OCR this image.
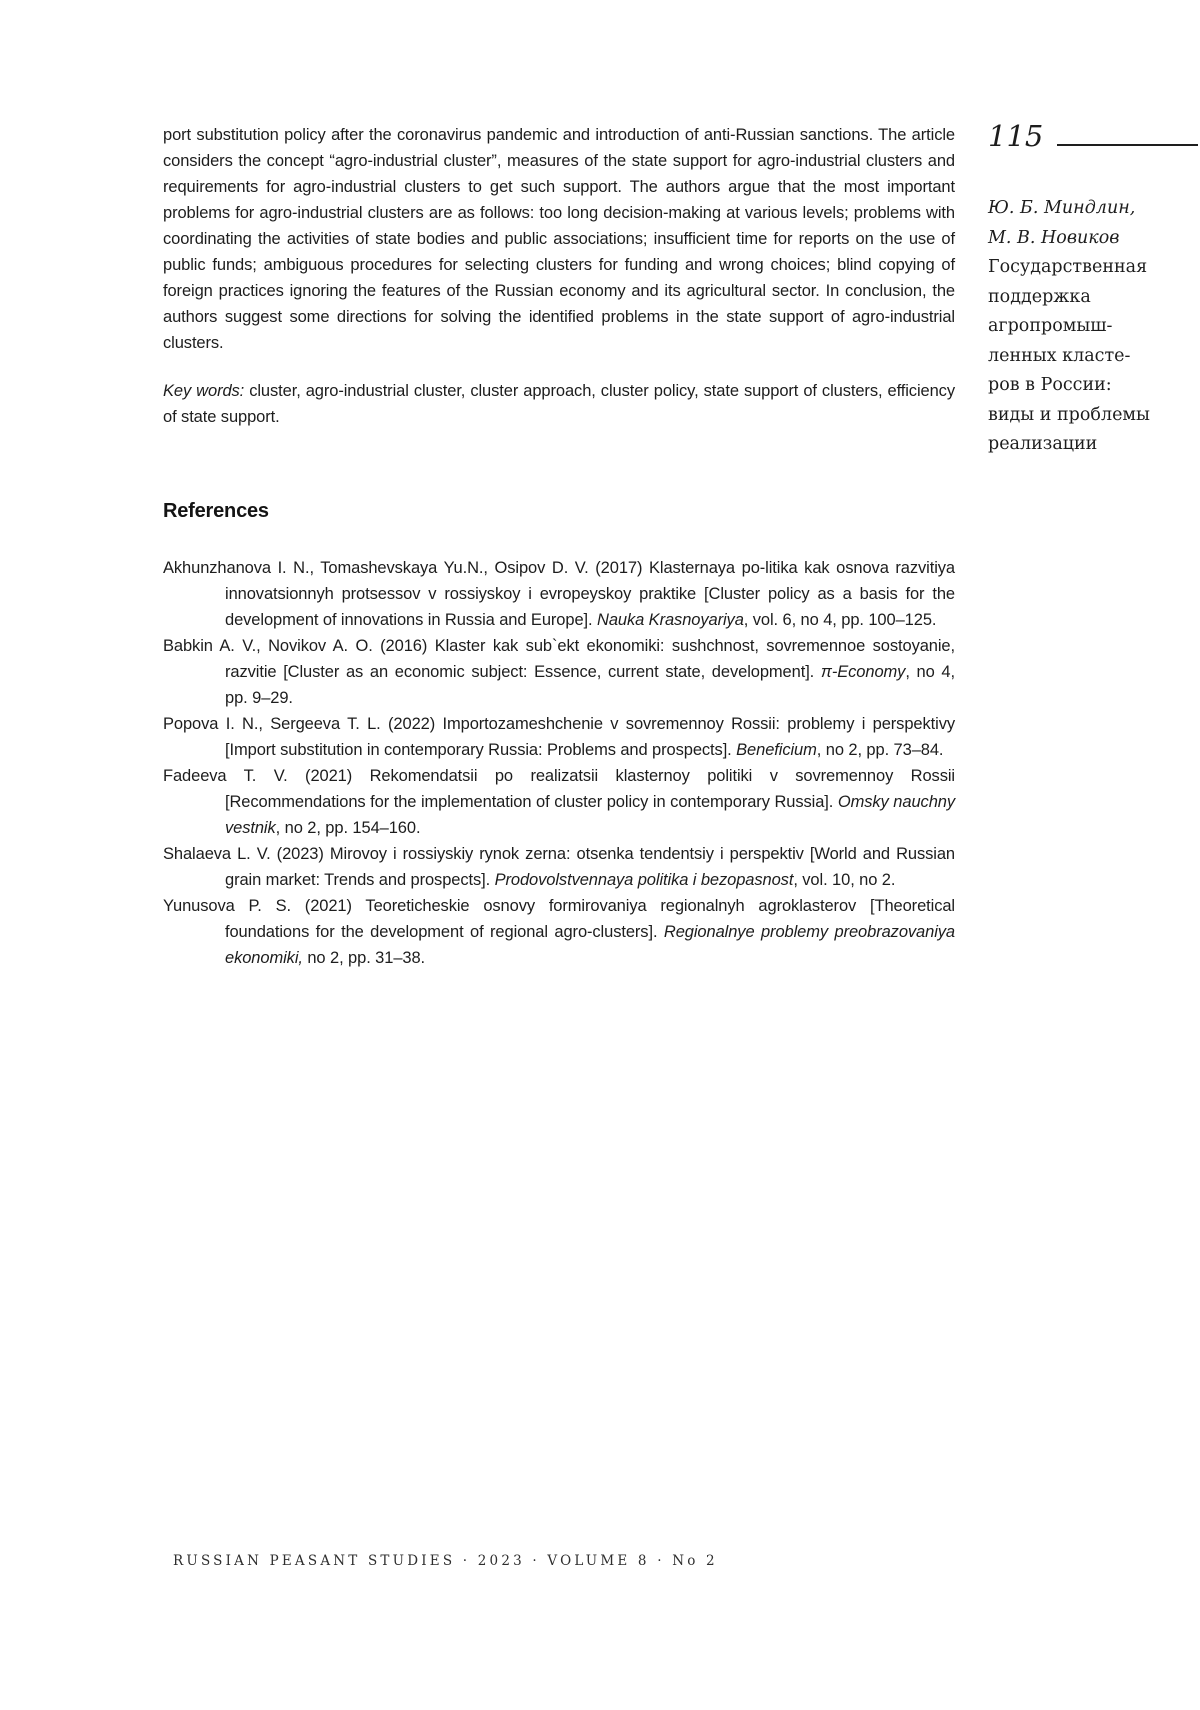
port substitution policy after the coronavirus pandemic and introduction of anti-Russian sanctions. The article considers the concept “agro-industrial cluster”, measures of the state support for agro-industrial clusters and requirements for agro-industrial clusters to get such support. The authors argue that the most important problems for agro-industrial clusters are as follows: too long decision-making at various levels; problems with coordinating the activities of state bodies and public associations; insufficient time for reports on the use of public funds; ambiguous procedures for selecting clusters for funding and wrong choices; blind copying of foreign practices ignoring the features of the Russian economy and its agricultural sector. In conclusion, the authors suggest some directions for solving the identified problems in the state support of agro-industrial clusters.

Key words: cluster, agro-industrial cluster, cluster approach, cluster policy, state support of clusters, efficiency of state support.

References
Akhunzhanova I. N., Tomashevskaya Yu.N., Osipov D. V. (2017) Klasternaya po-litika kak osnova razvitiya innovatsionnyh protsessov v rossiyskoy i evropeyskoy praktike [Cluster policy as a basis for the development of innovations in Russia and Europe]. Nauka Krasnoyariya, vol. 6, no 4, pp. 100–125.
Babkin A. V., Novikov A. O. (2016) Klaster kak sub`ekt ekonomiki: sushchnost, sovremennoe sostoyanie, razvitie [Cluster as an economic subject: Essence, current state, development]. π-Economy, no 4, pp. 9–29.
Popova I. N., Sergeeva T. L. (2022) Importozameshchenie v sovremennoy Rossii: problemy i perspektivy [Import substitution in contemporary Russia: Problems and prospects]. Beneficium, no 2, pp. 73–84.
Fadeeva T. V. (2021) Rekomendatsii po realizatsii klasternoy politiki v sovremennoy Rossii [Recommendations for the implementation of cluster policy in contemporary Russia]. Omsky nauchny vestnik, no 2, pp. 154–160.
Shalaeva L. V. (2023) Mirovoy i rossiyskiy rynok zerna: otsenka tendentsiy i perspektiv [World and Russian grain market: Trends and prospects]. Prodovolstvennaya politika i bezopasnost, vol. 10, no 2.
Yunusova P. S. (2021) Teoreticheskie osnovy formirovaniya regionalnyh agroklasterov [Theoretical foundations for the development of regional agro-clusters]. Regionalnye problemy preobrazovaniya ekonomiki, no 2, pp. 31–38.
115
Ю. Б. Миндлин,
М. В. Новиков
Государственная
поддержка
агропромыш-
ленных класте-
ров в России:
виды и проблемы
реализации
RUSSIAN PEASANT STUDIES · 2023 · VOLUME 8 · No 2
